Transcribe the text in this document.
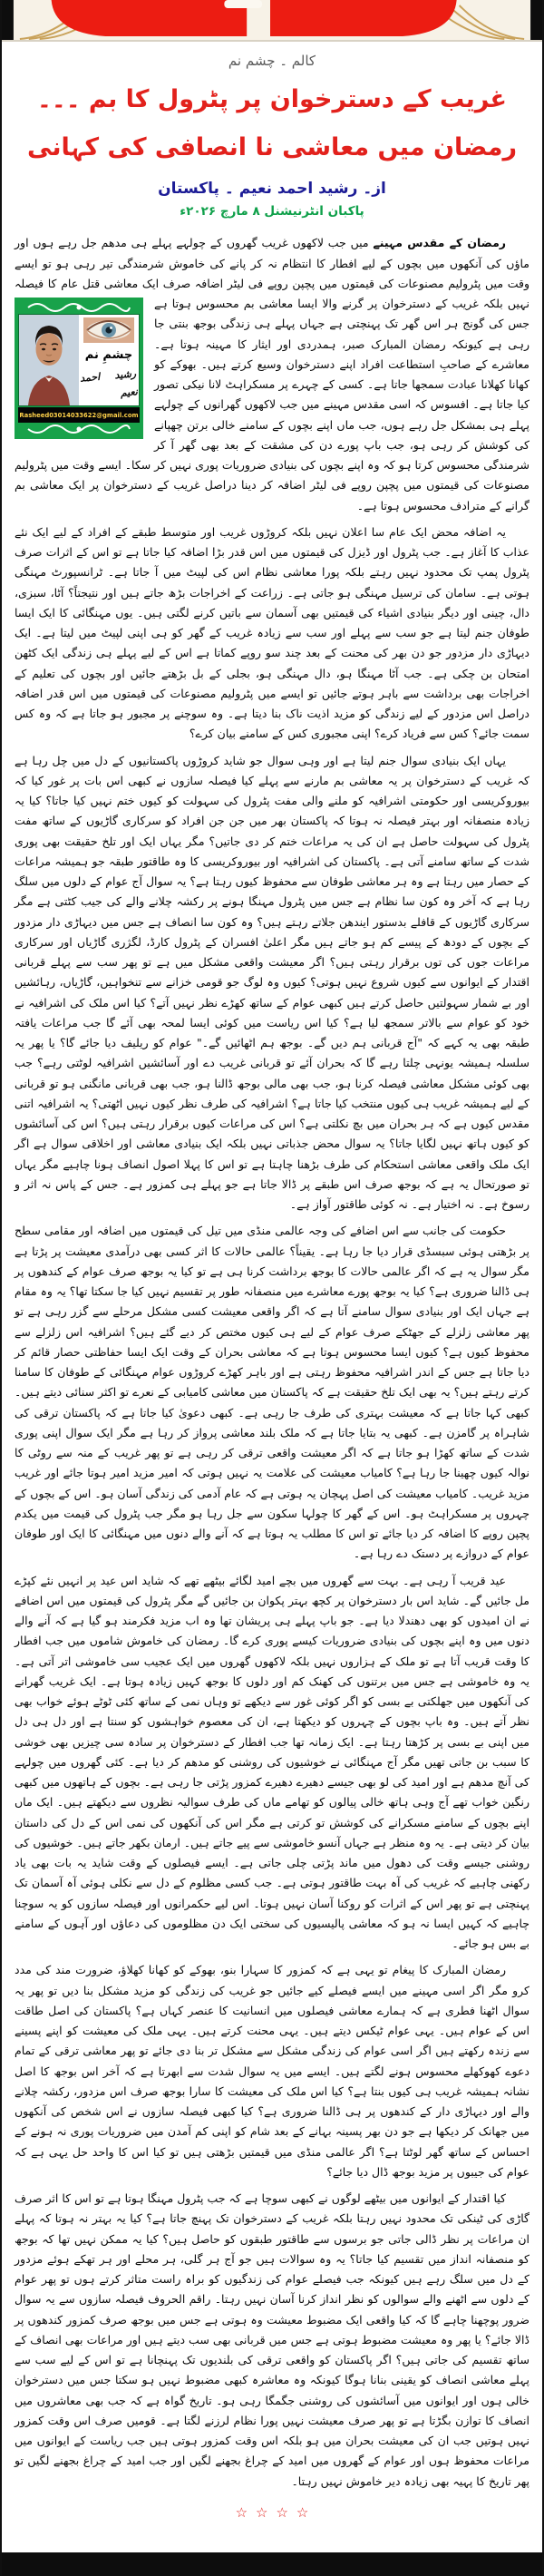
کالم ۔ چشم نم
غریب کے دسترخوان پر پٹرول کا بم ۔۔۔
رمضان میں معاشی نا انصافی کی کہانی
از۔ رشید احمد نعیم ۔ پاکستان
پاکبان انٹرنیشنل ۸ مارچ ۲۰۲۶ء

رمضان کے مقدس مہینے میں جب لاکھوں غریب گھروں کے چولہے پہلے ہی مدھم جل رہے ہوں اور ماؤں کی آنکھوں میں بچوں کے لیے افطار کا انتظام نہ کر پانے کی خاموش شرمندگی تیر رہی ہو تو ایسے وقت میں پٹرولیم مصنوعات کی قیمتوں میں پچپن روپے فی لیٹر اضافہ صرف ایک معاشی قتل عام کا فیصلہ نہیں بلکہ
چشمِ نم
رشید احمد نعیم
Rasheed03014033622@gmail.com
غریب کے دسترخوان پر گرنے والا ایسا معاشی بم محسوس ہوتا ہے جس کی گونج ہر اس گھر تک پہنچتی ہے جہاں پہلے ہی زندگی بوجھ بنتی جا رہی ہے کیونکہ رمضان المبارک صبر، ہمدردی اور ایثار کا مہینہ ہوتا ہے۔ معاشرے کے صاحبِ استطاعت افراد اپنے دسترخوان وسیع کرتے ہیں۔ بھوکے کو کھانا کھلانا عبادت سمجھا جاتا ہے۔ کسی کے چہرے پر مسکراہٹ لانا نیکی تصور کیا جاتا ہے۔ افسوس کہ اسی مقدس مہینے میں جب لاکھوں گھرانوں کے چولہے پہلے ہی بمشکل جل رہے ہوں، جب ماں اپنے بچوں کے سامنے خالی برتن چھپانے کی کوشش کر رہی ہو، جب باپ پورے دن کی مشقت کے بعد بھی گھر آ کر شرمندگی محسوس کرتا ہو کہ وہ اپنے بچوں کی بنیادی ضروریات پوری نہیں کر سکا۔ ایسے وقت میں پٹرولیم مصنوعات کی قیمتوں میں پچپن روپے فی لیٹر اضافہ کر دینا دراصل غریب کے دسترخوان پر ایک معاشی بم گرانے کے مترادف محسوس ہوتا ہے۔

یہ اضافہ محض ایک عام سا اعلان نہیں بلکہ کروڑوں غریب اور متوسط طبقے کے افراد کے لیے ایک نئے عذاب کا آغاز ہے۔ جب پٹرول اور ڈیزل کی قیمتوں میں اس قدر بڑا اضافہ کیا جاتا ہے تو اس کے اثرات صرف پٹرول پمپ تک محدود نہیں رہتے بلکہ پورا معاشی نظام اس کی لپیٹ میں آ جاتا ہے۔ ٹرانسپورٹ مہنگی ہوتی ہے۔ سامان کی ترسیل مہنگی ہو جاتی ہے۔ زراعت کے اخراجات بڑھ جاتے ہیں اور نتیجتاً؟ آٹا، سبزی، دال، چینی اور دیگر بنیادی اشیاء کی قیمتیں بھی آسمان سے باتیں کرنے لگتی ہیں۔ یوں مہنگائی کا ایک ایسا طوفان جنم لیتا ہے جو سب سے پہلے اور سب سے زیادہ غریب کے گھر کو ہی اپنی لپیٹ میں لیتا ہے۔ ایک دیہاڑی دار مزدور جو دن بھر کی محنت کے بعد چند سو روپے کماتا ہے اس کے لیے پہلے ہی زندگی ایک کٹھن امتحان بن چکی ہے۔ جب آٹا مہنگا ہو، دال مہنگی ہو، بجلی کے بل بڑھتے جائیں اور بچوں کی تعلیم کے اخراجات بھی برداشت سے باہر ہوتے جائیں تو ایسے میں پٹرولیم مصنوعات کی قیمتوں میں اس قدر اضافہ دراصل اس مزدور کے لیے زندگی کو مزید اذیت ناک بنا دیتا ہے۔ وہ سوچنے پر مجبور ہو جاتا ہے کہ وہ کس سمت جائے؟ کس سے فریاد کرے؟ اپنی مجبوری کس کے سامنے بیان کرے؟

یہاں ایک بنیادی سوال جنم لیتا ہے اور وہی سوال جو شاید کروڑوں پاکستانیوں کے دل میں چل رہا ہے کہ غریب کے دسترخوان پر یہ معاشی بم مارنے سے پہلے کیا فیصلہ سازوں نے کبھی اس بات پر غور کیا کہ بیوروکریسی اور حکومتی اشرافیہ کو ملنے والی مفت پٹرول کی سہولت کو کیوں ختم نہیں کیا جاتا؟ کیا یہ زیادہ منصفانہ اور بہتر فیصلہ نہ ہوتا کہ پاکستان بھر میں جن جن افراد کو سرکاری گاڑیوں کے ساتھ مفت پٹرول کی سہولت حاصل ہے ان کی یہ مراعات ختم کر دی جاتیں؟ مگر یہاں ایک اور تلخ حقیقت بھی پوری شدت کے ساتھ سامنے آتی ہے۔ پاکستان کی اشرافیہ اور بیوروکریسی کا وہ طاقتور طبقہ جو ہمیشہ مراعات کے حصار میں رہتا ہے وہ ہر معاشی طوفان سے محفوظ کیوں رہتا ہے؟ یہ سوال آج عوام کے دلوں میں سلگ رہا ہے کہ آخر وہ کون سا نظام ہے جس میں پٹرول مہنگا ہونے پر رکشہ چلانے والے کی جیب کٹتی ہے مگر سرکاری گاڑیوں کے قافلے بدستور ایندھن جلاتے رہتے ہیں؟ وہ کون سا انصاف ہے جس میں دیہاڑی دار مزدور کے بچوں کے دودھ کے پیسے کم ہو جاتے ہیں مگر اعلیٰ افسران کے پٹرول کارڈ، لگژری گاڑیاں اور سرکاری مراعات جوں کی توں برقرار رہتی ہیں؟ اگر معیشت واقعی مشکل میں ہے تو پھر سب سے پہلے قربانی اقتدار کے ایوانوں سے کیوں شروع نہیں ہوتی؟ کیوں وہ لوگ جو قومی خزانے سے تنخواہیں، گاڑیاں، رہائشیں اور بے شمار سہولتیں حاصل کرتے ہیں کبھی عوام کے ساتھ کھڑے نظر نہیں آتے؟ کیا اس ملک کی اشرافیہ نے خود کو عوام سے بالاتر سمجھ لیا ہے؟ کیا اس ریاست میں کوئی ایسا لمحہ بھی آئے گا جب مراعات یافتہ طبقہ بھی یہ کہے کہ "آج قربانی ہم دیں گے۔ بوجھ ہم اٹھائیں گے۔" عوام کو ریلیف دیا جائے گا؟ یا پھر یہ سلسلہ ہمیشہ یونہی چلتا رہے گا کہ بحران آئے تو قربانی غریب دے اور آسائشیں اشرافیہ لوٹتی رہے؟ جب بھی کوئی مشکل معاشی فیصلہ کرنا ہو، جب بھی مالی بوجھ ڈالنا ہو، جب بھی قربانی مانگنی ہو تو قربانی کے لیے ہمیشہ غریب ہی کیوں منتخب کیا جاتا ہے؟ اشرافیہ کی طرف نظر کیوں نہیں اٹھتی؟ یہ اشرافیہ اتنی مقدس کیوں ہے کہ ہر بحران میں بچ نکلتی ہے؟ اس کی مراعات کیوں برقرار رہتی ہیں؟ اس کی آسائشوں کو کیوں ہاتھ نہیں لگایا جاتا؟ یہ سوال محض جذباتی نہیں بلکہ ایک بنیادی معاشی اور اخلاقی سوال ہے اگر ایک ملک واقعی معاشی استحکام کی طرف بڑھنا چاہتا ہے تو اس کا پہلا اصول انصاف ہونا چاہیے مگر یہاں تو صورتحال یہ ہے کہ بوجھ صرف اس طبقے پر ڈالا جاتا ہے جو پہلے ہی کمزور ہے۔ جس کے پاس نہ اثر و رسوخ ہے۔ نہ اختیار ہے۔ نہ کوئی طاقتور آواز ہے۔

حکومت کی جانب سے اس اضافے کی وجہ عالمی منڈی میں تیل کی قیمتوں میں اضافہ اور مقامی سطح پر بڑھتی ہوئی سبسڈی قرار دیا جا رہا ہے۔ یقیناً؟ عالمی حالات کا اثر کسی بھی درآمدی معیشت پر پڑتا ہے مگر سوال یہ ہے کہ اگر عالمی حالات کا بوجھ برداشت کرنا ہی ہے تو کیا یہ بوجھ صرف عوام کے کندھوں پر ہی ڈالنا ضروری ہے؟ کیا یہ بوجھ پورے معاشرے میں منصفانہ طور پر تقسیم نہیں کیا جا سکتا تھا؟ یہ وہ مقام ہے جہاں ایک اور بنیادی سوال سامنے آتا ہے کہ اگر واقعی معیشت کسی مشکل مرحلے سے گزر رہی ہے تو پھر معاشی زلزلے کے جھٹکے صرف عوام کے لیے ہی کیوں مختص کر دیے گئے ہیں؟ اشرافیہ اس زلزلے سے محفوظ کیوں ہے؟ کیوں ایسا محسوس ہوتا ہے کہ معاشی بحران کے وقت ایک ایسا حفاظتی حصار قائم کر دیا جاتا ہے جس کے اندر اشرافیہ محفوظ رہتی ہے اور باہر کھڑے کروڑوں عوام مہنگائی کے طوفان کا سامنا کرتے رہتے ہیں؟ یہ بھی ایک تلخ حقیقت ہے کہ پاکستان میں معاشی کامیابی کے نعرے تو اکثر سنائی دیتے ہیں۔ کبھی کہا جاتا ہے کہ معیشت بہتری کی طرف جا رہی ہے۔ کبھی دعویٰ کیا جاتا ہے کہ پاکستان ترقی کی شاہراہ پر گامزن ہے۔ کبھی یہ بتایا جاتا ہے کہ ملک بلند معاشی پرواز کر رہا ہے مگر ایک سوال اپنی پوری شدت کے ساتھ کھڑا ہو جاتا ہے کہ اگر معیشت واقعی ترقی کر رہی ہے تو پھر غریب کے منہ سے روٹی کا نوالہ کیوں چھینا جا رہا ہے؟ کامیاب معیشت کی علامت یہ نہیں ہوتی کہ امیر مزید امیر ہوتا جائے اور غریب مزید غریب۔ کامیاب معیشت کی اصل پہچان یہ ہوتی ہے کہ عام آدمی کی زندگی آسان ہو۔ اس کے بچوں کے چہروں پر مسکراہٹ ہو۔ اس کے گھر کا چولہا سکون سے جل رہا ہو مگر جب پٹرول کی قیمت میں یکدم پچپن روپے کا اضافہ کر دیا جائے تو اس کا مطلب یہ ہوتا ہے کہ آنے والے دنوں میں مہنگائی کا ایک اور طوفان عوام کے دروازے پر دستک دے رہا ہے۔

عید قریب آ رہی ہے۔ بہت سے گھروں میں بچے امید لگائے بیٹھے تھے کہ شاید اس عید پر انہیں نئے کپڑے مل جائیں گے۔ شاید اس بار دسترخوان پر کچھ بہتر پکوان بن جائیں گے مگر پٹرول کی قیمتوں میں اس اضافے نے ان امیدوں کو بھی دھندلا دیا ہے۔ جو باپ پہلے ہی پریشان تھا وہ اب مزید فکرمند ہو گیا ہے کہ آنے والے دنوں میں وہ اپنے بچوں کی بنیادی ضروریات کیسے پوری کرے گا۔ رمضان کی خاموش شاموں میں جب افطار کا وقت قریب آتا ہے تو ملک کے ہزاروں نہیں بلکہ لاکھوں گھروں میں ایک عجیب سی خاموشی اتر آتی ہے۔ یہ وہ خاموشی ہے جس میں برتنوں کی کھنک کم اور دلوں کا بوجھ کہیں زیادہ ہوتا ہے۔ ایک غریب گھرانے کی آنکھوں میں جھلکتی بے بسی کو اگر کوئی غور سے دیکھے تو وہاں نمی کے ساتھ کئی ٹوٹے ہوئے خواب بھی نظر آتے ہیں۔ وہ باپ بچوں کے چہروں کو دیکھتا ہے، ان کی معصوم خواہشوں کو سنتا ہے اور دل ہی دل میں اپنی بے بسی پر کڑھتا رہتا ہے۔ ایک زمانہ تھا جب افطار کے دسترخوان پر سادہ سی چیزیں بھی خوشی کا سبب بن جاتی تھیں مگر آج مہنگائی نے خوشیوں کی روشنی کو مدھم کر دیا ہے۔ کئی گھروں میں چولہے کی آنچ مدھم ہے اور امید کی لو بھی جیسے دھیرے دھیرے کمزور پڑتی جا رہی ہے۔ بچوں کے ہاتھوں میں کبھی رنگین خواب تھے آج وہی ہاتھ خالی پیالوں کو تھامے ماں کی طرف سوالیہ نظروں سے دیکھتے ہیں۔ ایک ماں اپنے بچوں کے سامنے مسکرانے کی کوشش تو کرتی ہے مگر اس کی آنکھوں کی نمی اس کے دل کی داستان بیان کر دیتی ہے۔ یہ وہ منظر ہے جہاں آنسو خاموشی سے پیے جاتے ہیں۔ ارمان بکھر جاتے ہیں۔ خوشیوں کی روشنی جیسے وقت کی دھول میں ماند پڑتی چلی جاتی ہے۔ ایسے فیصلوں کے وقت شاید یہ بات بھی یاد رکھنی چاہیے کہ غریب کی آہ بہت طاقتور ہوتی ہے۔ جب کسی مظلوم کے دل سے نکلی ہوئی آہ آسمان تک پہنچتی ہے تو پھر اس کے اثرات کو روکنا آسان نہیں ہوتا۔ اس لیے حکمرانوں اور فیصلہ سازوں کو یہ سوچنا چاہیے کہ کہیں ایسا نہ ہو کہ معاشی پالیسیوں کی سختی ایک دن مظلوموں کی دعاؤں اور آہوں کے سامنے بے بس ہو جائے۔

رمضان المبارک کا پیغام تو یہی ہے کہ کمزور کا سہارا بنو، بھوکے کو کھانا کھلاؤ، ضرورت مند کی مدد کرو مگر اگر اسی مہینے میں ایسے فیصلے کیے جائیں جو غریب کی زندگی کو مزید مشکل بنا دیں تو پھر یہ سوال اٹھنا فطری ہے کہ ہمارے معاشی فیصلوں میں انسانیت کا عنصر کہاں ہے؟ پاکستان کی اصل طاقت اس کے عوام ہیں۔ یہی عوام ٹیکس دیتے ہیں۔ یہی محنت کرتے ہیں۔ یہی ملک کی معیشت کو اپنے پسینے سے زندہ رکھتے ہیں اگر اسی عوام کی زندگی مشکل سے مشکل تر بنا دی جائے تو پھر معاشی ترقی کے تمام دعوے کھوکھلے محسوس ہونے لگتے ہیں۔ ایسے میں یہ سوال شدت سے ابھرتا ہے کہ آخر اس بوجھ کا اصل نشانہ ہمیشہ غریب ہی کیوں بنتا ہے؟ کیا اس ملک کی معیشت کا سارا بوجھ صرف اس مزدور، رکشہ چلانے والے اور دیہاڑی دار کے کندھوں پر ہی ڈالنا ضروری ہے؟ کیا کبھی فیصلہ سازوں نے اس شخص کی آنکھوں میں جھانک کر دیکھا ہے جو دن بھر پسینہ بہانے کے بعد شام کو اپنی کم آمدن میں ضروریات پوری نہ ہونے کے احساس کے ساتھ گھر لوٹتا ہے؟ اگر عالمی منڈی میں قیمتیں بڑھتی ہیں تو کیا اس کا واحد حل یہی ہے کہ عوام کی جیبوں پر مزید بوجھ ڈال دیا جائے؟

کیا اقتدار کے ایوانوں میں بیٹھے لوگوں نے کبھی سوچا ہے کہ جب پٹرول مہنگا ہوتا ہے تو اس کا اثر صرف گاڑی کی ٹینکی تک محدود نہیں رہتا بلکہ غریب کے دسترخوان تک پہنچ جاتا ہے؟ کیا یہ بہتر نہ ہوتا کہ پہلے ان مراعات پر نظر ڈالی جاتی جو برسوں سے طاقتور طبقوں کو حاصل ہیں؟ کیا یہ ممکن نہیں تھا کہ بوجھ کو منصفانہ انداز میں تقسیم کیا جاتا؟ یہ وہ سوالات ہیں جو آج ہر گلی، ہر محلے اور ہر تھکے ہوئے مزدور کے دل میں سلگ رہے ہیں کیونکہ جب فیصلے عوام کی زندگیوں کو براہ راست متاثر کرتے ہوں تو پھر عوام کے دلوں سے اٹھنے والے سوالوں کو نظر انداز کرنا آسان نہیں رہتا۔ راقم الحروف فیصلہ سازوں سے یہ سوال ضرور پوچھنا چاہے گا کہ کیا واقعی ایک مضبوط معیشت وہ ہوتی ہے جس میں بوجھ صرف کمزور کندھوں پر ڈالا جائے؟ یا پھر وہ معیشت مضبوط ہوتی ہے جس میں قربانی بھی سب دیتے ہیں اور مراعات بھی انصاف کے ساتھ تقسیم کی جاتی ہیں؟ اگر پاکستان کو واقعی ترقی کی بلندیوں تک پہنچانا ہے تو اس کے لیے سب سے پہلے معاشی انصاف کو یقینی بنانا ہوگا کیونکہ وہ معاشرہ کبھی مضبوط نہیں ہو سکتا جس میں دسترخوان خالی ہوں اور ایوانوں میں آسائشوں کی روشنی جگمگا رہی ہو۔ تاریخ گواہ ہے کہ جب بھی معاشروں میں انصاف کا توازن بگڑتا ہے تو پھر صرف معیشت نہیں پورا نظام لرزنے لگتا ہے۔ قومیں صرف اس وقت کمزور نہیں ہوتیں جب ان کی معیشت بحران میں ہو بلکہ اس وقت کمزور ہوتی ہیں جب ریاست کے ایوانوں میں مراعات محفوظ ہوں اور عوام کے گھروں میں امید کے چراغ بجھنے لگیں اور جب امید کے چراغ بجھنے لگیں تو پھر تاریخ کا پہیہ بھی زیادہ دیر خاموش نہیں رہتا۔

☆☆☆☆
